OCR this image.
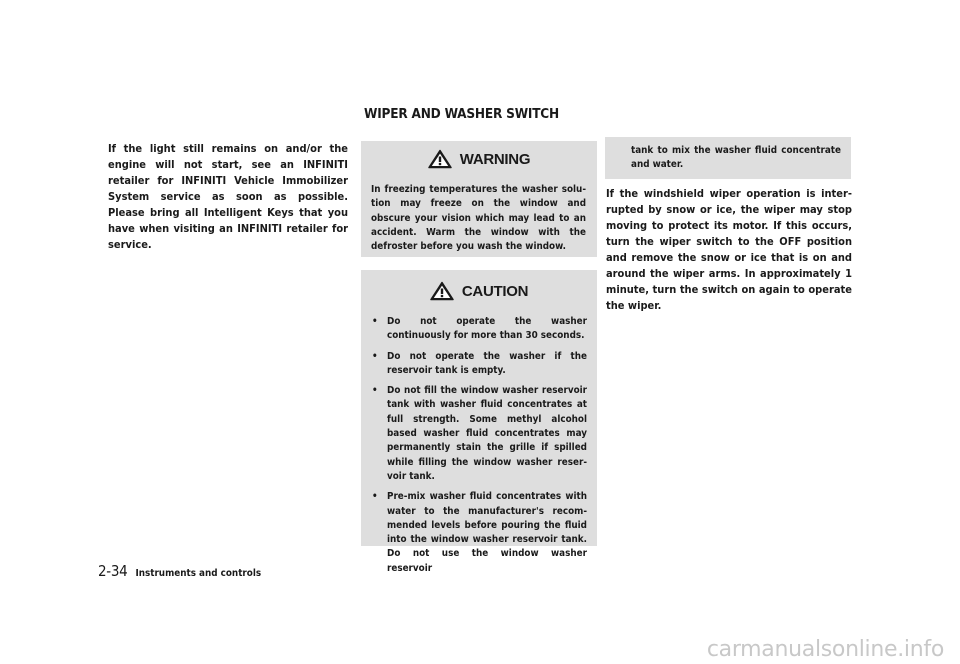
WIPER AND WASHER SWITCH
If the light still remains on and/or the engine will not start, see an INFINITI retailer for INFINITI Vehicle Immobilizer System service as soon as possible. Please bring all Intelligent Keys that you have when visiting an INFINITI retailer for service.
WARNING
In freezing temperatures the washer solu-tion may freeze on the window and obscure your vision which may lead to an accident. Warm the window with the defroster before you wash the window.
CAUTION
• Do not operate the washer continuously for more than 30 seconds.
• Do not operate the washer if the reservoir tank is empty.
• Do not fill the window washer reservoir tank with washer fluid concentrates at full strength. Some methyl alcohol based washer fluid concentrates may permanently stain the grille if spilled while filling the window washer reser-voir tank.
• Pre-mix washer fluid concentrates with water to the manufacturer's recom-mended levels before pouring the fluid into the window washer reservoir tank. Do not use the window washer reservoir
tank to mix the washer fluid concentrate and water.
If the windshield wiper operation is inter-rupted by snow or ice, the wiper may stop moving to protect its motor. If this occurs, turn the wiper switch to the OFF position and remove the snow or ice that is on and around the wiper arms. In approximately 1 minute, turn the switch on again to operate the wiper.
2-34 Instruments and controls
carmanualsonline.info
